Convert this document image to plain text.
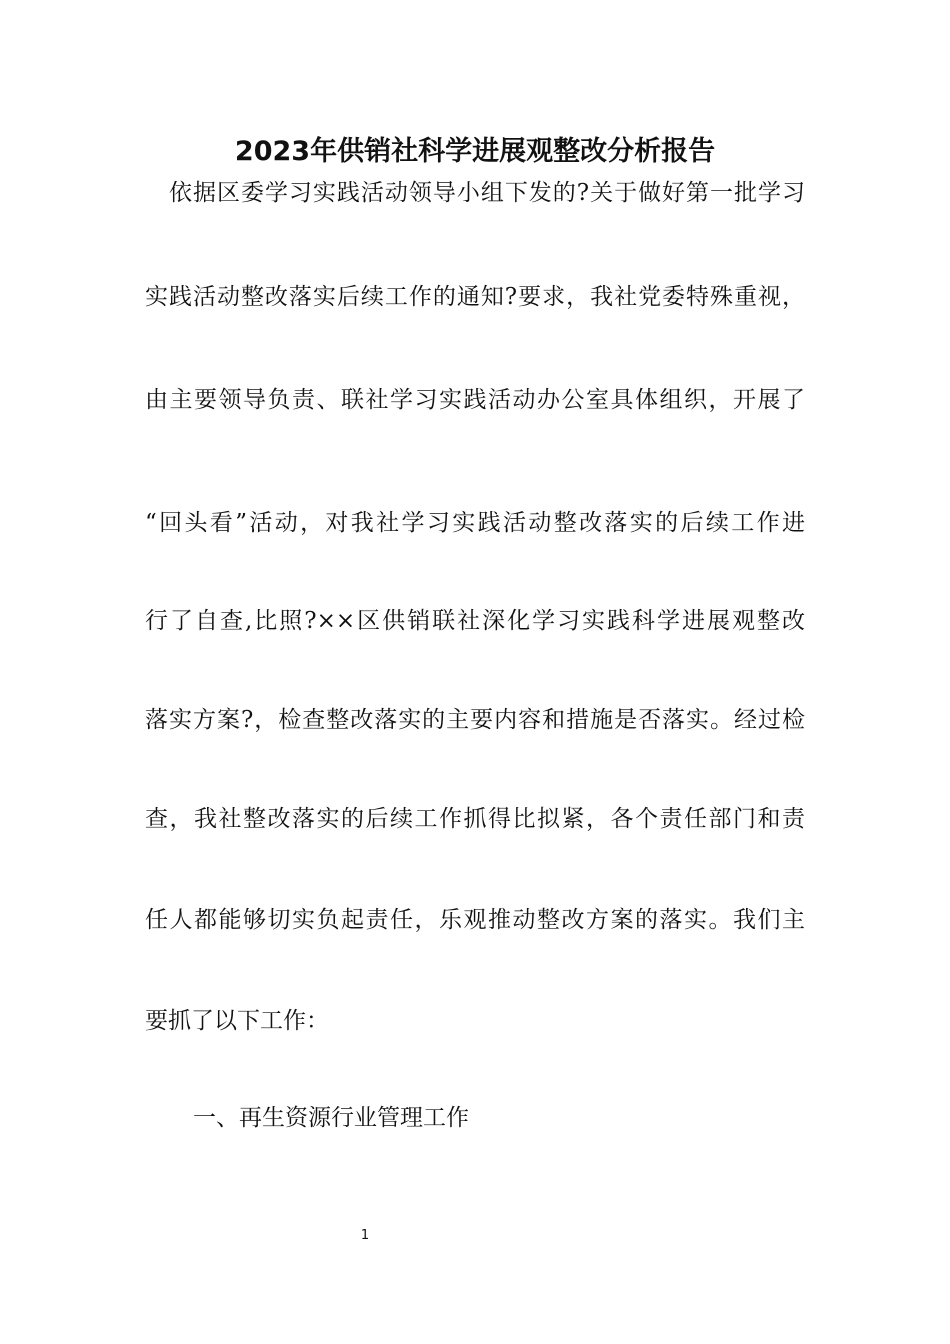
2023年供销社科学进展观整改分析报告
依据区委学习实践活动领导小组下发的?关于做好第一批学习
实践活动整改落实后续工作的通知?要求，我社党委特殊重视，
由主要领导负责、联社学习实践活动办公室具体组织，开展了
“回头看”活动，对我社学习实践活动整改落实的后续工作进
行了自查,比照?××区供销联社深化学习实践科学进展观整改
落实方案?，检查整改落实的主要内容和措施是否落实。经过检
查，我社整改落实的后续工作抓得比拟紧，各个责任部门和责
任人都能够切实负起责任，乐观推动整改方案的落实。我们主
要抓了以下工作：
一、再生资源行业管理工作
1
